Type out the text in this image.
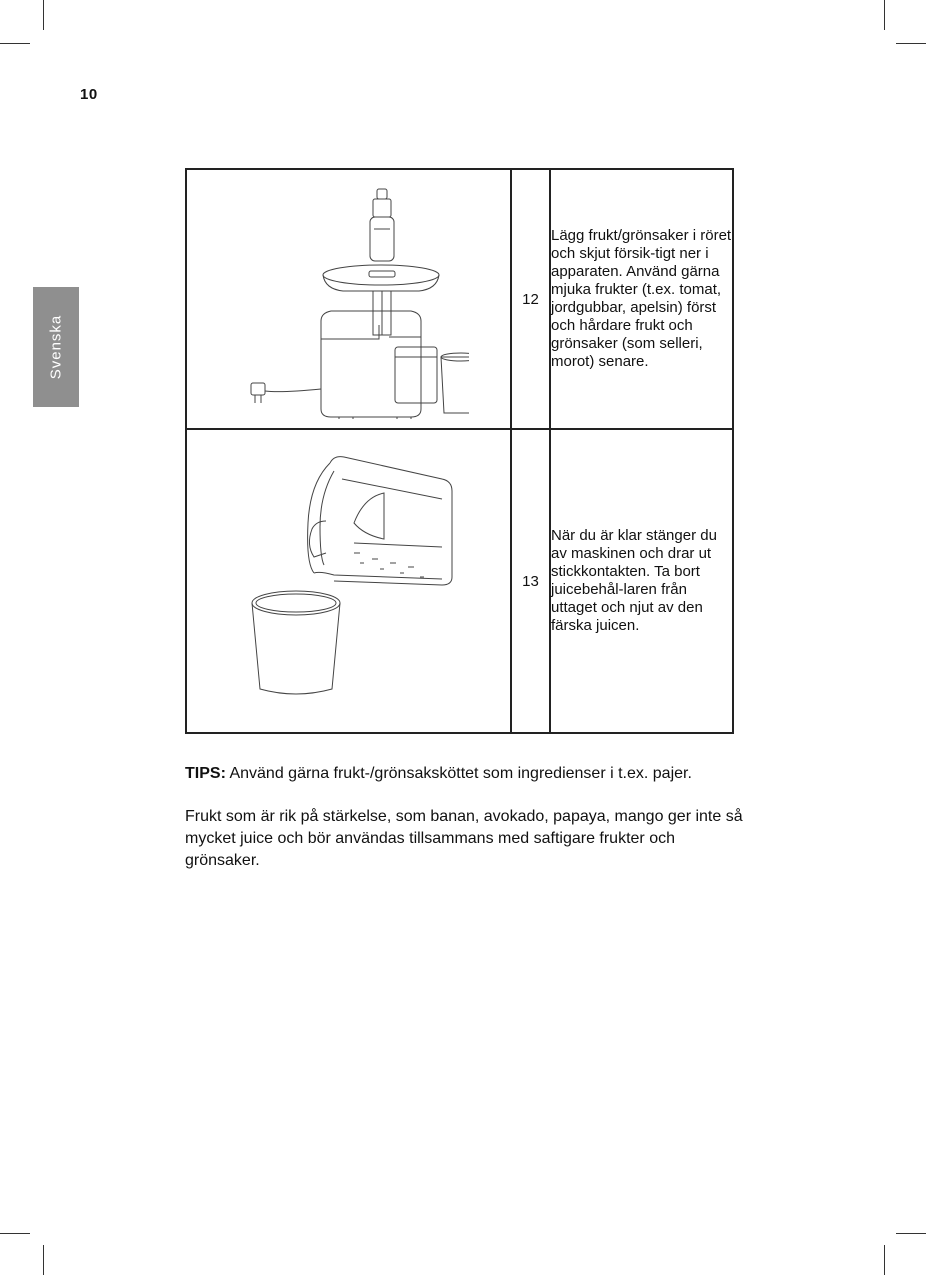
10
Svenska
	12	Lägg frukt/grönsaker i röret och skjut försik-tigt ner i apparaten. Använd gärna mjuka frukter (t.ex. tomat, jordgubbar, apelsin) först och hårdare frukt och grönsaker (som selleri, morot) senare.

	13	När du är klar stänger du av maskinen och drar ut stickkontakten. Ta bort juicebehål-laren från uttaget och njut av den färska juicen.

TIPS: Använd gärna frukt-/grönsaksköttet som ingredienser i t.ex. pajer.

Frukt som är rik på stärkelse, som banan, avokado, papaya, mango ger inte så mycket juice och bör användas tillsammans med saftigare frukter och grönsaker.
